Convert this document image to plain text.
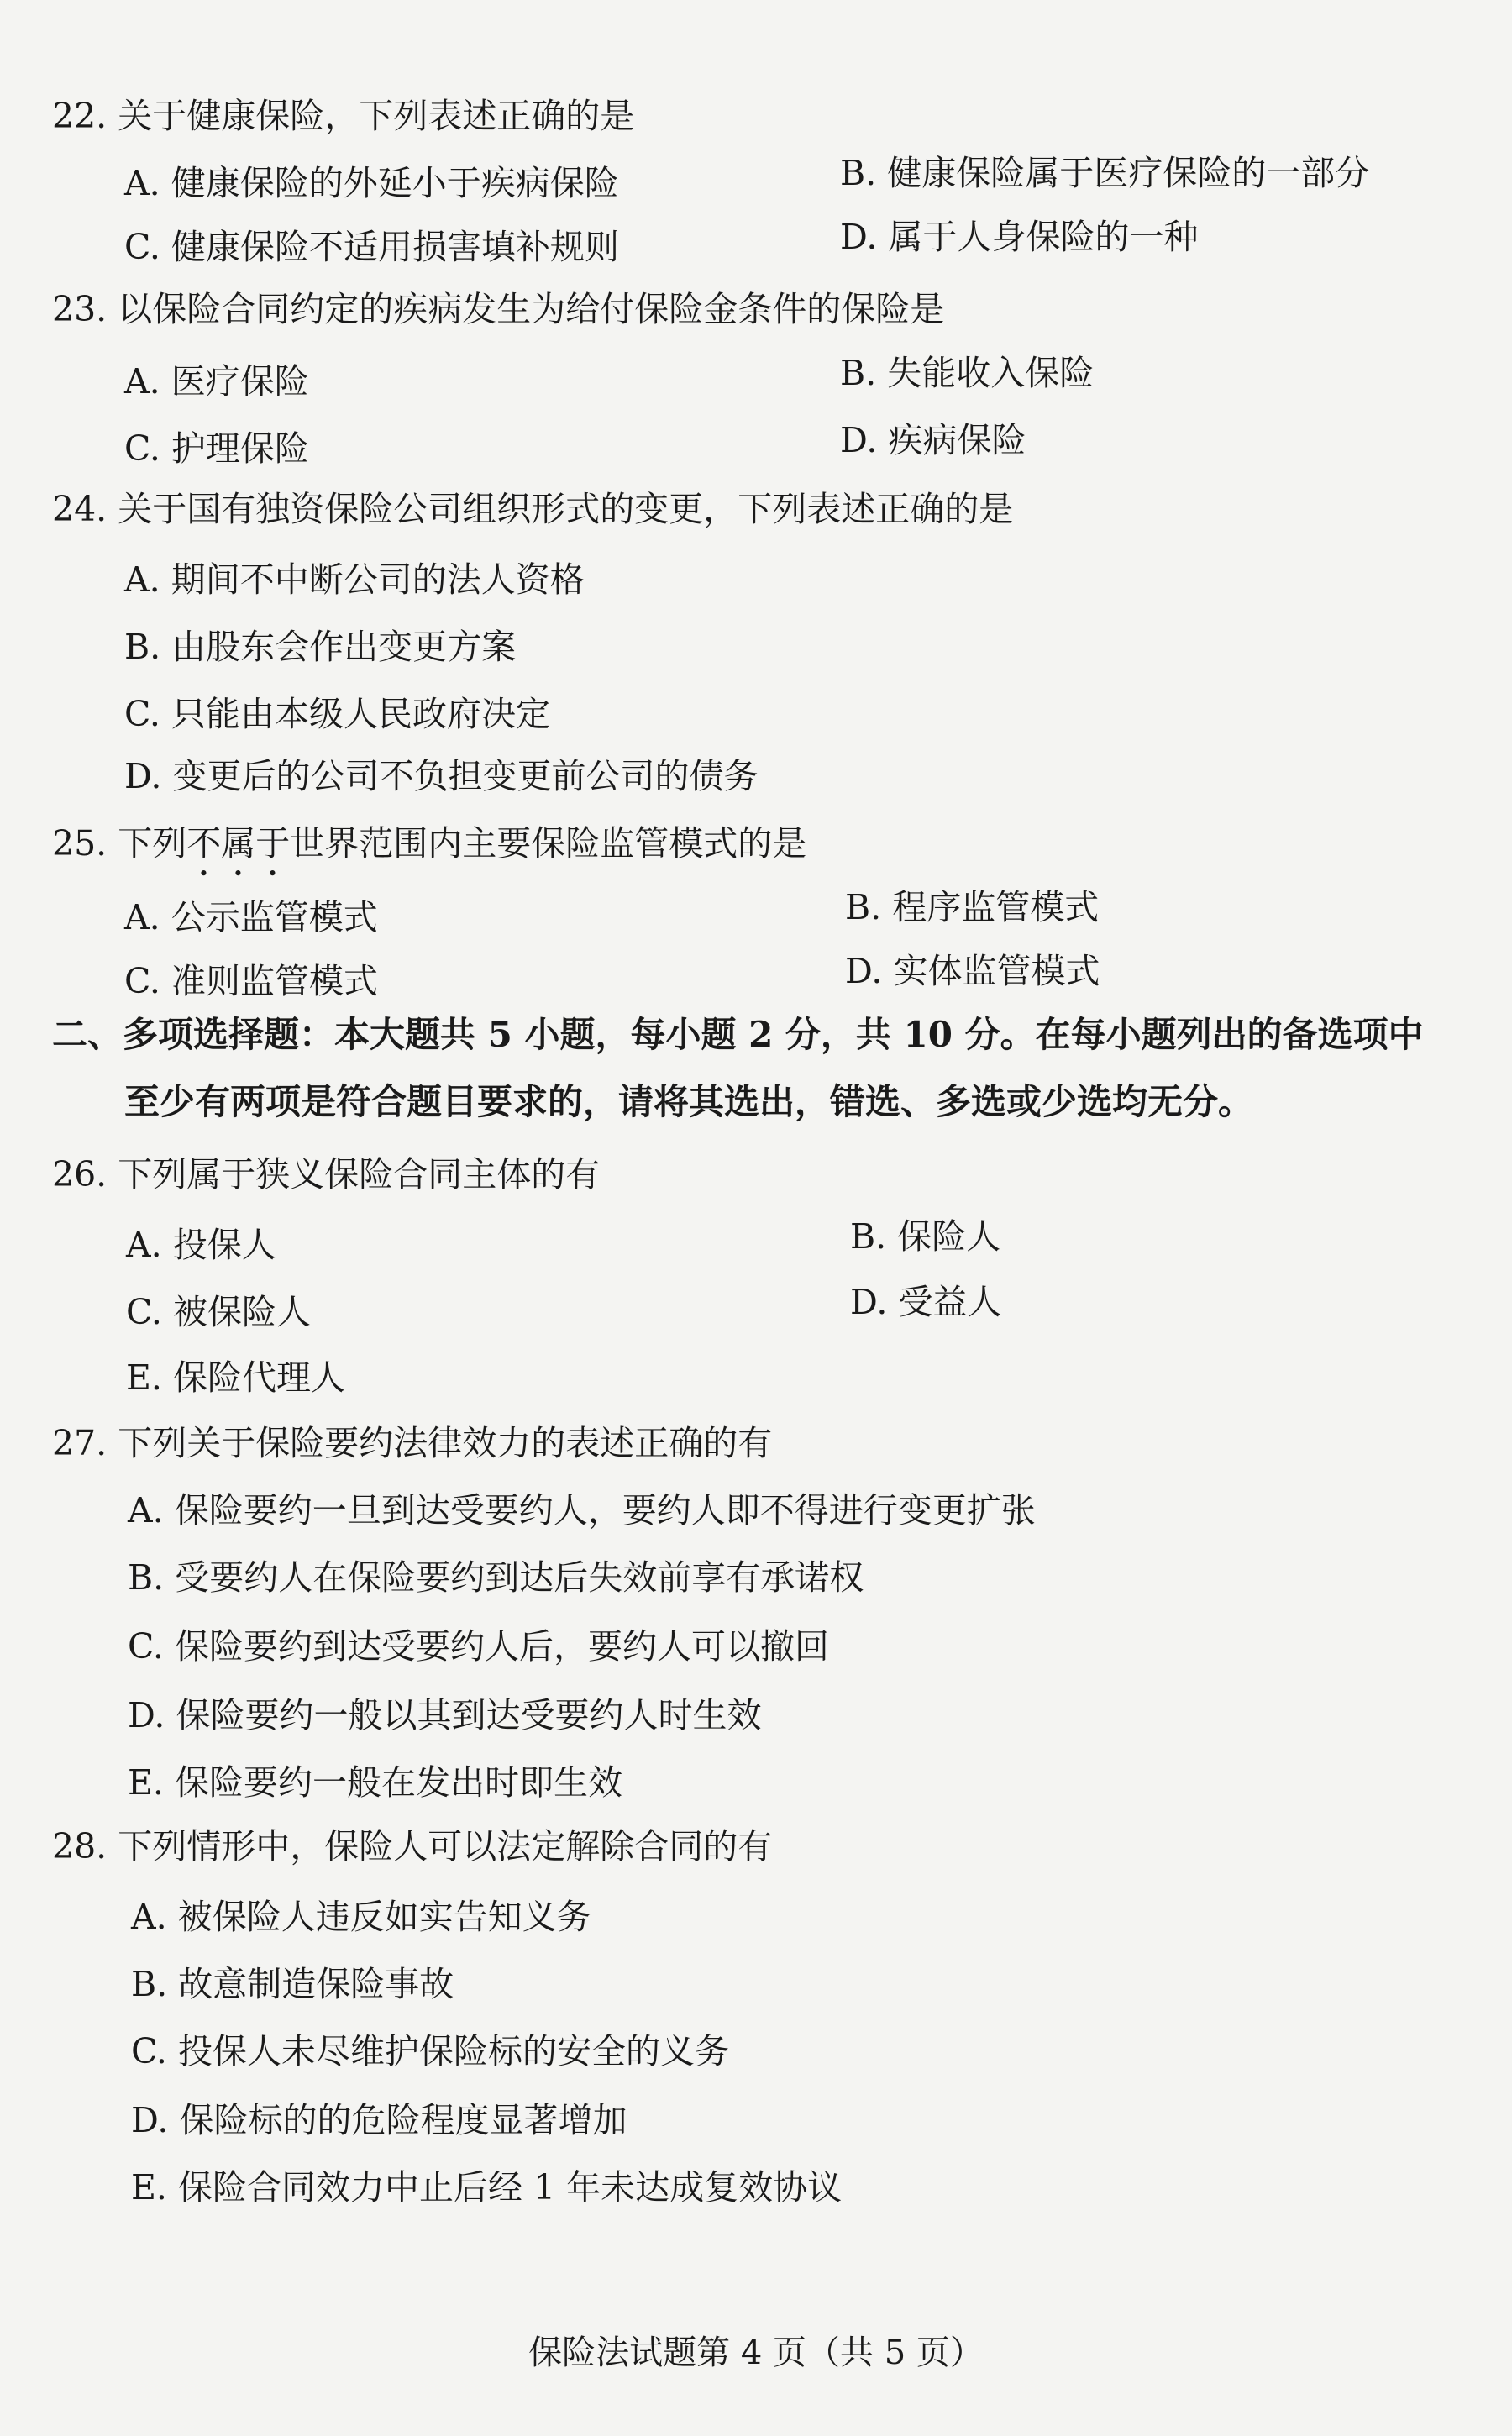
22. 关于健康保险，下列表述正确的是
A. 健康保险的外延小于疾病保险	B. 健康保险属于医疗保险的一部分
C. 健康保险不适用损害填补规则	D. 属于人身保险的一种
23. 以保险合同约定的疾病发生为给付保险金条件的保险是
A. 医疗保险	B. 失能收入保险
C. 护理保险	D. 疾病保险
24. 关于国有独资保险公司组织形式的变更，下列表述正确的是
A. 期间不中断公司的法人资格
B. 由股东会作出变更方案
C. 只能由本级人民政府决定
D. 变更后的公司不负担变更前公司的债务
25. 下列不属于世界范围内主要保险监管模式的是
A. 公示监管模式	B. 程序监管模式
C. 准则监管模式	D. 实体监管模式
二、多项选择题：本大题共 5 小题，每小题 2 分，共 10 分。在每小题列出的备选项中
至少有两项是符合题目要求的，请将其选出，错选、多选或少选均无分。
26. 下列属于狭义保险合同主体的有
A. 投保人	B. 保险人
C. 被保险人	D. 受益人
E. 保险代理人
27. 下列关于保险要约法律效力的表述正确的有
A. 保险要约一旦到达受要约人，要约人即不得进行变更扩张
B. 受要约人在保险要约到达后失效前享有承诺权
C. 保险要约到达受要约人后，要约人可以撤回
D. 保险要约一般以其到达受要约人时生效
E. 保险要约一般在发出时即生效
28. 下列情形中，保险人可以法定解除合同的有
A. 被保险人违反如实告知义务
B. 故意制造保险事故
C. 投保人未尽维护保险标的安全的义务
D. 保险标的的危险程度显著增加
E. 保险合同效力中止后经 1 年未达成复效协议
保险法试题第 4 页（共 5 页）
